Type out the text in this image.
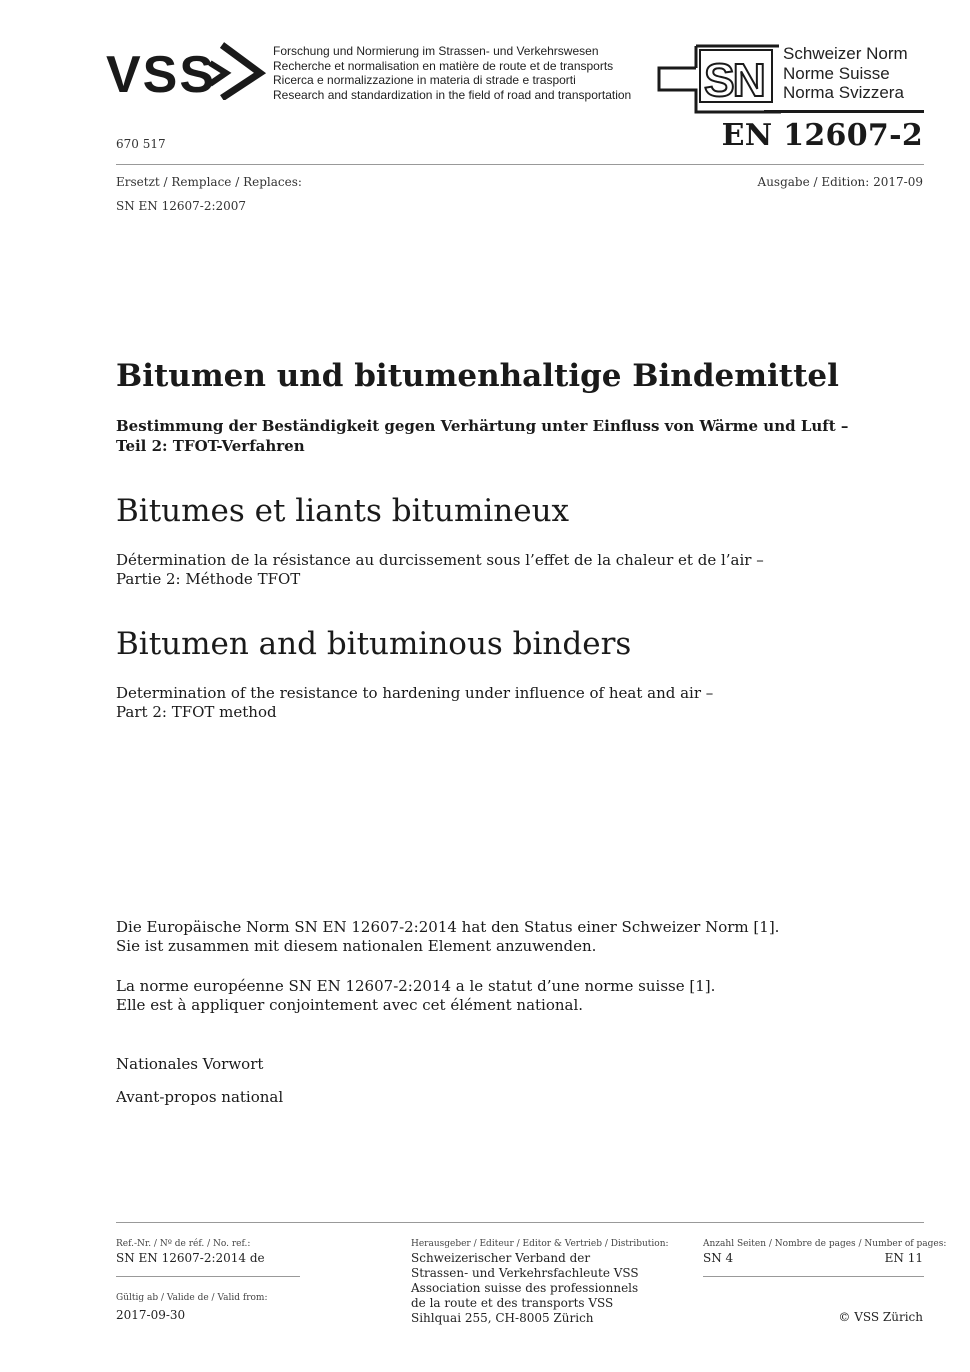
VSS	Forschung und Normierung im Strassen- und Verkehrswesen
Recherche et normalisation en matière de route et de transports
Ricerca e normalizzazione in materia di strade e trasporti
Research and standardization in the field of road and transportation SN
Schweizer Norm
Norme Suisse
Norma Svizzera
670 517	EN 12607-2
Ersetzt / Remplace / Replaces:	Ausgabe / Edition: 2017-09
SN EN 12607-2:2007
Bitumen und bitumenhaltige Bindemittel
Bestimmung der Beständigkeit gegen Verhärtung unter Einfluss von Wärme und Luft –
Teil 2: TFOT-Verfahren
Bitumes et liants bitumineux
Détermination de la résistance au durcissement sous l’effet de la chaleur et de l’air –
Partie 2: Méthode TFOT
Bitumen and bituminous binders
Determination of the resistance to hardening under influence of heat and air –
Part 2: TFOT method
Die Europäische Norm SN EN 12607-2:2014 hat den Status einer Schweizer Norm [1].
Sie ist zusammen mit diesem nationalen Element anzuwenden.
La norme européenne SN EN 12607-2:2014 a le statut d’une norme suisse [1].
Elle est à appliquer conjointement avec cet élément national.
Nationales Vorwort
Avant-propos national
Ref.-Nr. / Nº de réf. / No. ref.:
SN EN 12607-2:2014 de
Gültig ab / Valide de / Valid from:
2017-09-30
Herausgeber / Editeur / Editor & Vertrieb / Distribution:
Schweizerischer Verband der
Strassen- und Verkehrsfachleute VSS
Association suisse des professionnels
de la route et des transports VSS
Sihlquai 255, CH-8005 Zürich
Anzahl Seiten / Nombre de pages / Number of pages:
SN 4	EN 11
© VSS Zürich
